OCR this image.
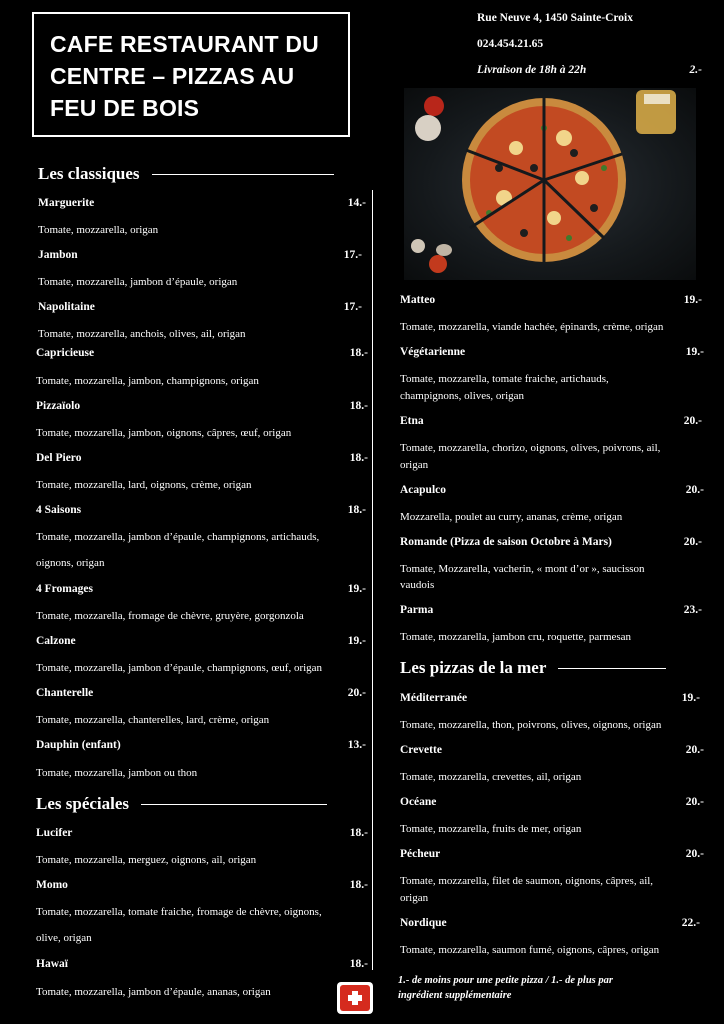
CAFE RESTAURANT DU
CENTRE – PIZZAS AU
FEU DE BOIS
Rue Neuve 4, 1450 Sainte-Croix
024.454.21.65
Livraison de 18h à 22h	2.-
Les classiques
Marguerite	14.-
Tomate, mozzarella, origan
Jambon	17.-
Tomate, mozzarella, jambon d’épaule, origan
Napolitaine	17.-
Tomate, mozzarella, anchois, olives, ail, origan
Capricieuse	18.-
Tomate, mozzarella, jambon, champignons, origan
Pizzaïolo	18.-
Tomate, mozzarella, jambon, oignons, câpres, œuf, origan
Del Piero	18.-
Tomate, mozzarella, lard, oignons, crème, origan
4 Saisons	18.-
Tomate, mozzarella, jambon d’épaule, champignons, artichauds,
oignons, origan
4 Fromages	19.-
Tomate, mozzarella, fromage de chèvre, gruyère, gorgonzola
Calzone	19.-
Tomate, mozzarella, jambon d’épaule, champignons, œuf, origan
Chanterelle	20.-
Tomate, mozzarella, chanterelles, lard, crème, origan
Dauphin (enfant)	13.-
Tomate, mozzarella, jambon ou thon
Les spéciales
Lucifer	18.-
Tomate, mozzarella, merguez, oignons, ail, origan
Momo	18.-
Tomate, mozzarella, tomate fraiche, fromage de chèvre, oignons,
olive, origan
Hawaï	18.-
Tomate, mozzarella, jambon d’épaule, ananas, origan
Matteo	19.-
Tomate, mozzarella, viande hachée, épinards, crème, origan
Végétarienne	19.-
Tomate, mozzarella, tomate fraiche, artichauds,
champignons, olives, origan
Etna	20.-
Tomate, mozzarella, chorizo, oignons, olives, poivrons, ail,
origan
Acapulco	20.-
Mozzarella, poulet au curry, ananas, crème, origan
Romande (Pizza de saison Octobre à Mars)	20.-
Tomate, Mozzarella, vacherin, « mont d’or », saucisson
vaudois
Parma	23.-
Tomate, mozzarella, jambon cru, roquette, parmesan
Les pizzas de la mer
Méditerranée	19.-
Tomate, mozzarella, thon, poivrons, olives, oignons, origan
Crevette	20.-
Tomate, mozzarella, crevettes, ail, origan
Océane	20.-
Tomate, mozzarella, fruits de mer, origan
Pécheur	20.-
Tomate, mozzarella, filet de saumon, oignons, câpres, ail,
origan
Nordique	22.-
Tomate, mozzarella, saumon fumé, oignons, câpres, origan
1.- de moins pour une petite pizza / 1.- de plus par
ingrédient supplémentaire
